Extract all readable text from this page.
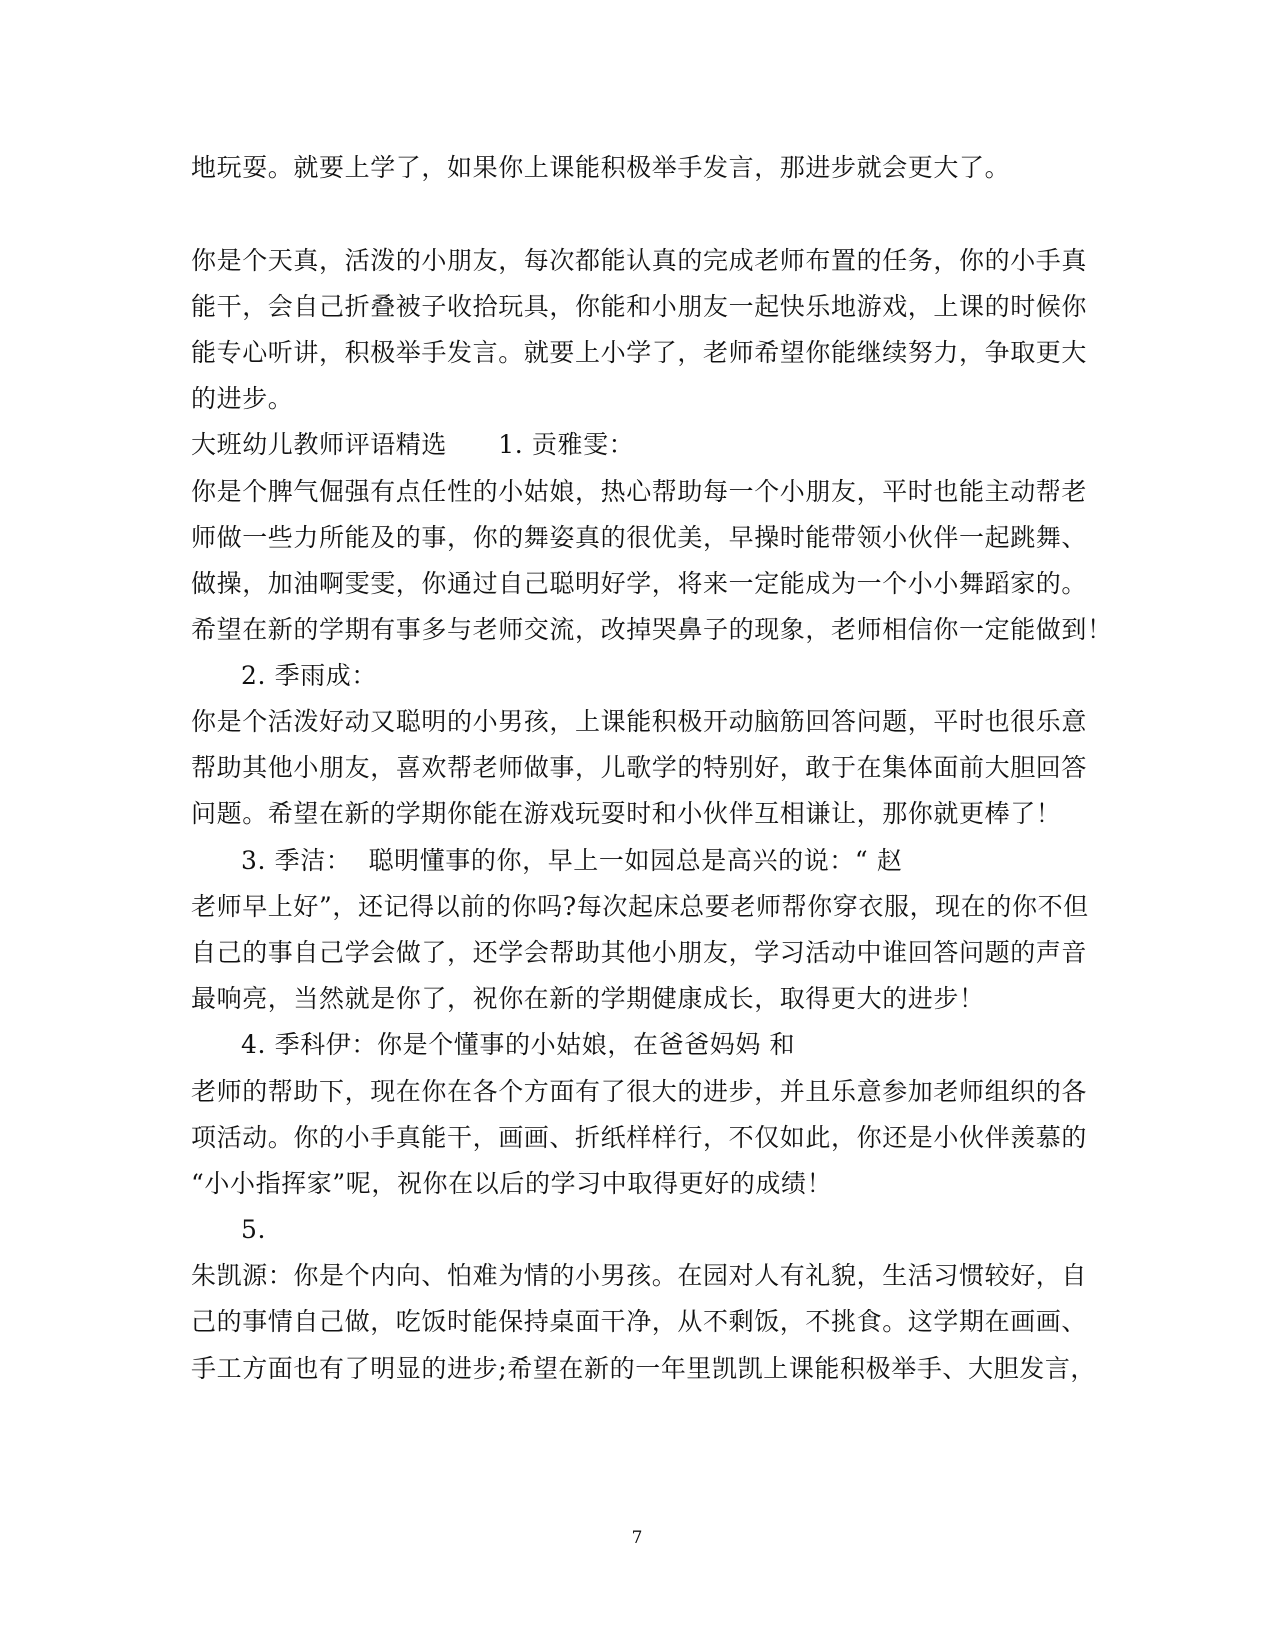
地玩耍。就要上学了，如果你上课能积极举手发言，那进步就会更大了。
你是个天真，活泼的小朋友，每次都能认真的完成老师布置的任务，你的小手真
能干，会自己折叠被子收拾玩具，你能和小朋友一起快乐地游戏，上课的时候你
能专心听讲，积极举手发言。就要上小学了，老师希望你能继续努力，争取更大
的进步。
大班幼儿教师评语精选      1. 贡雅雯：
你是个脾气倔强有点任性的小姑娘，热心帮助每一个小朋友，平时也能主动帮老
师做一些力所能及的事，你的舞姿真的很优美，早操时能带领小伙伴一起跳舞、
做操，加油啊雯雯，你通过自己聪明好学，将来一定能成为一个小小舞蹈家的。
希望在新的学期有事多与老师交流，改掉哭鼻子的现象，老师相信你一定能做到！
2. 季雨成：
你是个活泼好动又聪明的小男孩，上课能积极开动脑筋回答问题，平时也很乐意
帮助其他小朋友，喜欢帮老师做事，儿歌学的特别好，敢于在集体面前大胆回答
问题。希望在新的学期你能在游戏玩耍时和小伙伴互相谦让，那你就更棒了！
3. 季洁：  聪明懂事的你，早上一如园总是高兴的说：“ 赵
老师早上好”，还记得以前的你吗?每次起床总要老师帮你穿衣服，现在的你不但
自己的事自己学会做了，还学会帮助其他小朋友，学习活动中谁回答问题的声音
最响亮，当然就是你了，祝你在新的学期健康成长，取得更大的进步！
4. 季科伊：你是个懂事的小姑娘，在爸爸妈妈 和
老师的帮助下，现在你在各个方面有了很大的进步，并且乐意参加老师组织的各
项活动。你的小手真能干，画画、折纸样样行，不仅如此，你还是小伙伴羡慕的
“小小指挥家”呢，祝你在以后的学习中取得更好的成绩！
5.
朱凯源：你是个内向、怕难为情的小男孩。在园对人有礼貌，生活习惯较好，自
己的事情自己做，吃饭时能保持桌面干净，从不剩饭，不挑食。这学期在画画、
手工方面也有了明显的进步;希望在新的一年里凯凯上课能积极举手、大胆发言，
7
